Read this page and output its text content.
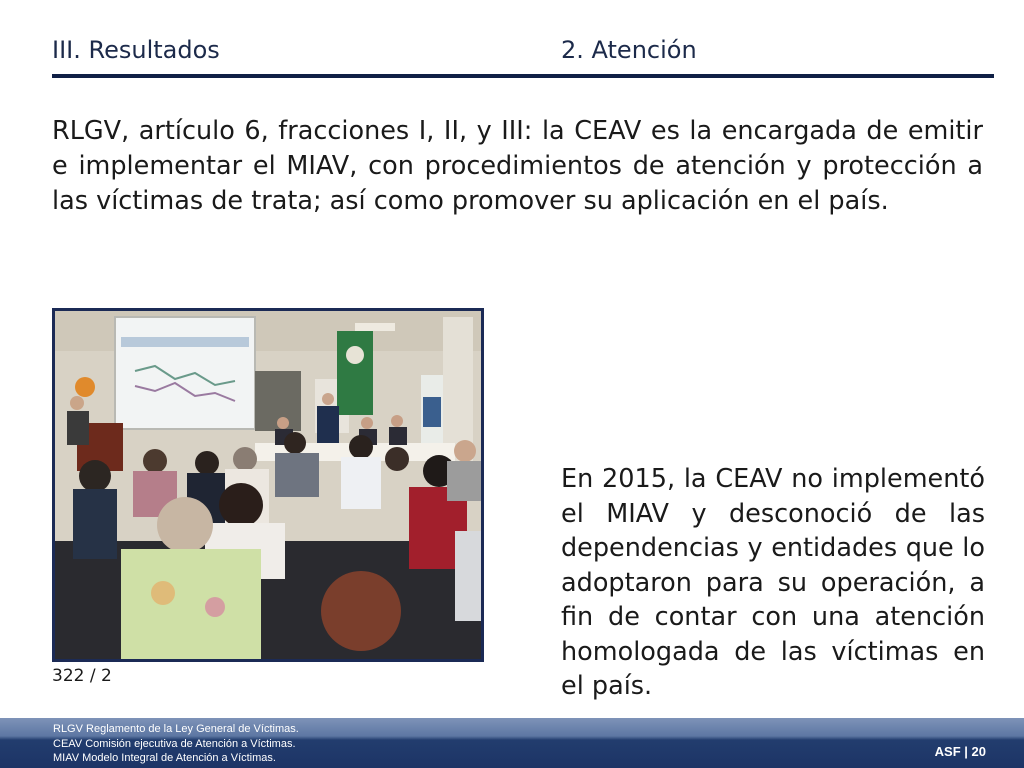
III. Resultados	2. Atención
RLGV, artículo 6, fracciones I, II, y III: la CEAV es la encargada de emitir e implementar el MIAV, con procedimientos de atención y protección a las víctimas de trata; así como promover su aplicación en el país.
322 / 2
En 2015, la CEAV no implementó el MIAV y desconoció de las dependencias y entidades que lo adoptaron para su operación, a fin de contar con una atención homologada de las víctimas en el país.
RLGV Reglamento de la Ley General de Víctimas.
CEAV Comisión ejecutiva de Atención a Víctimas.
MIAV Modelo Integral de Atención a Víctimas.	ASF | 20
